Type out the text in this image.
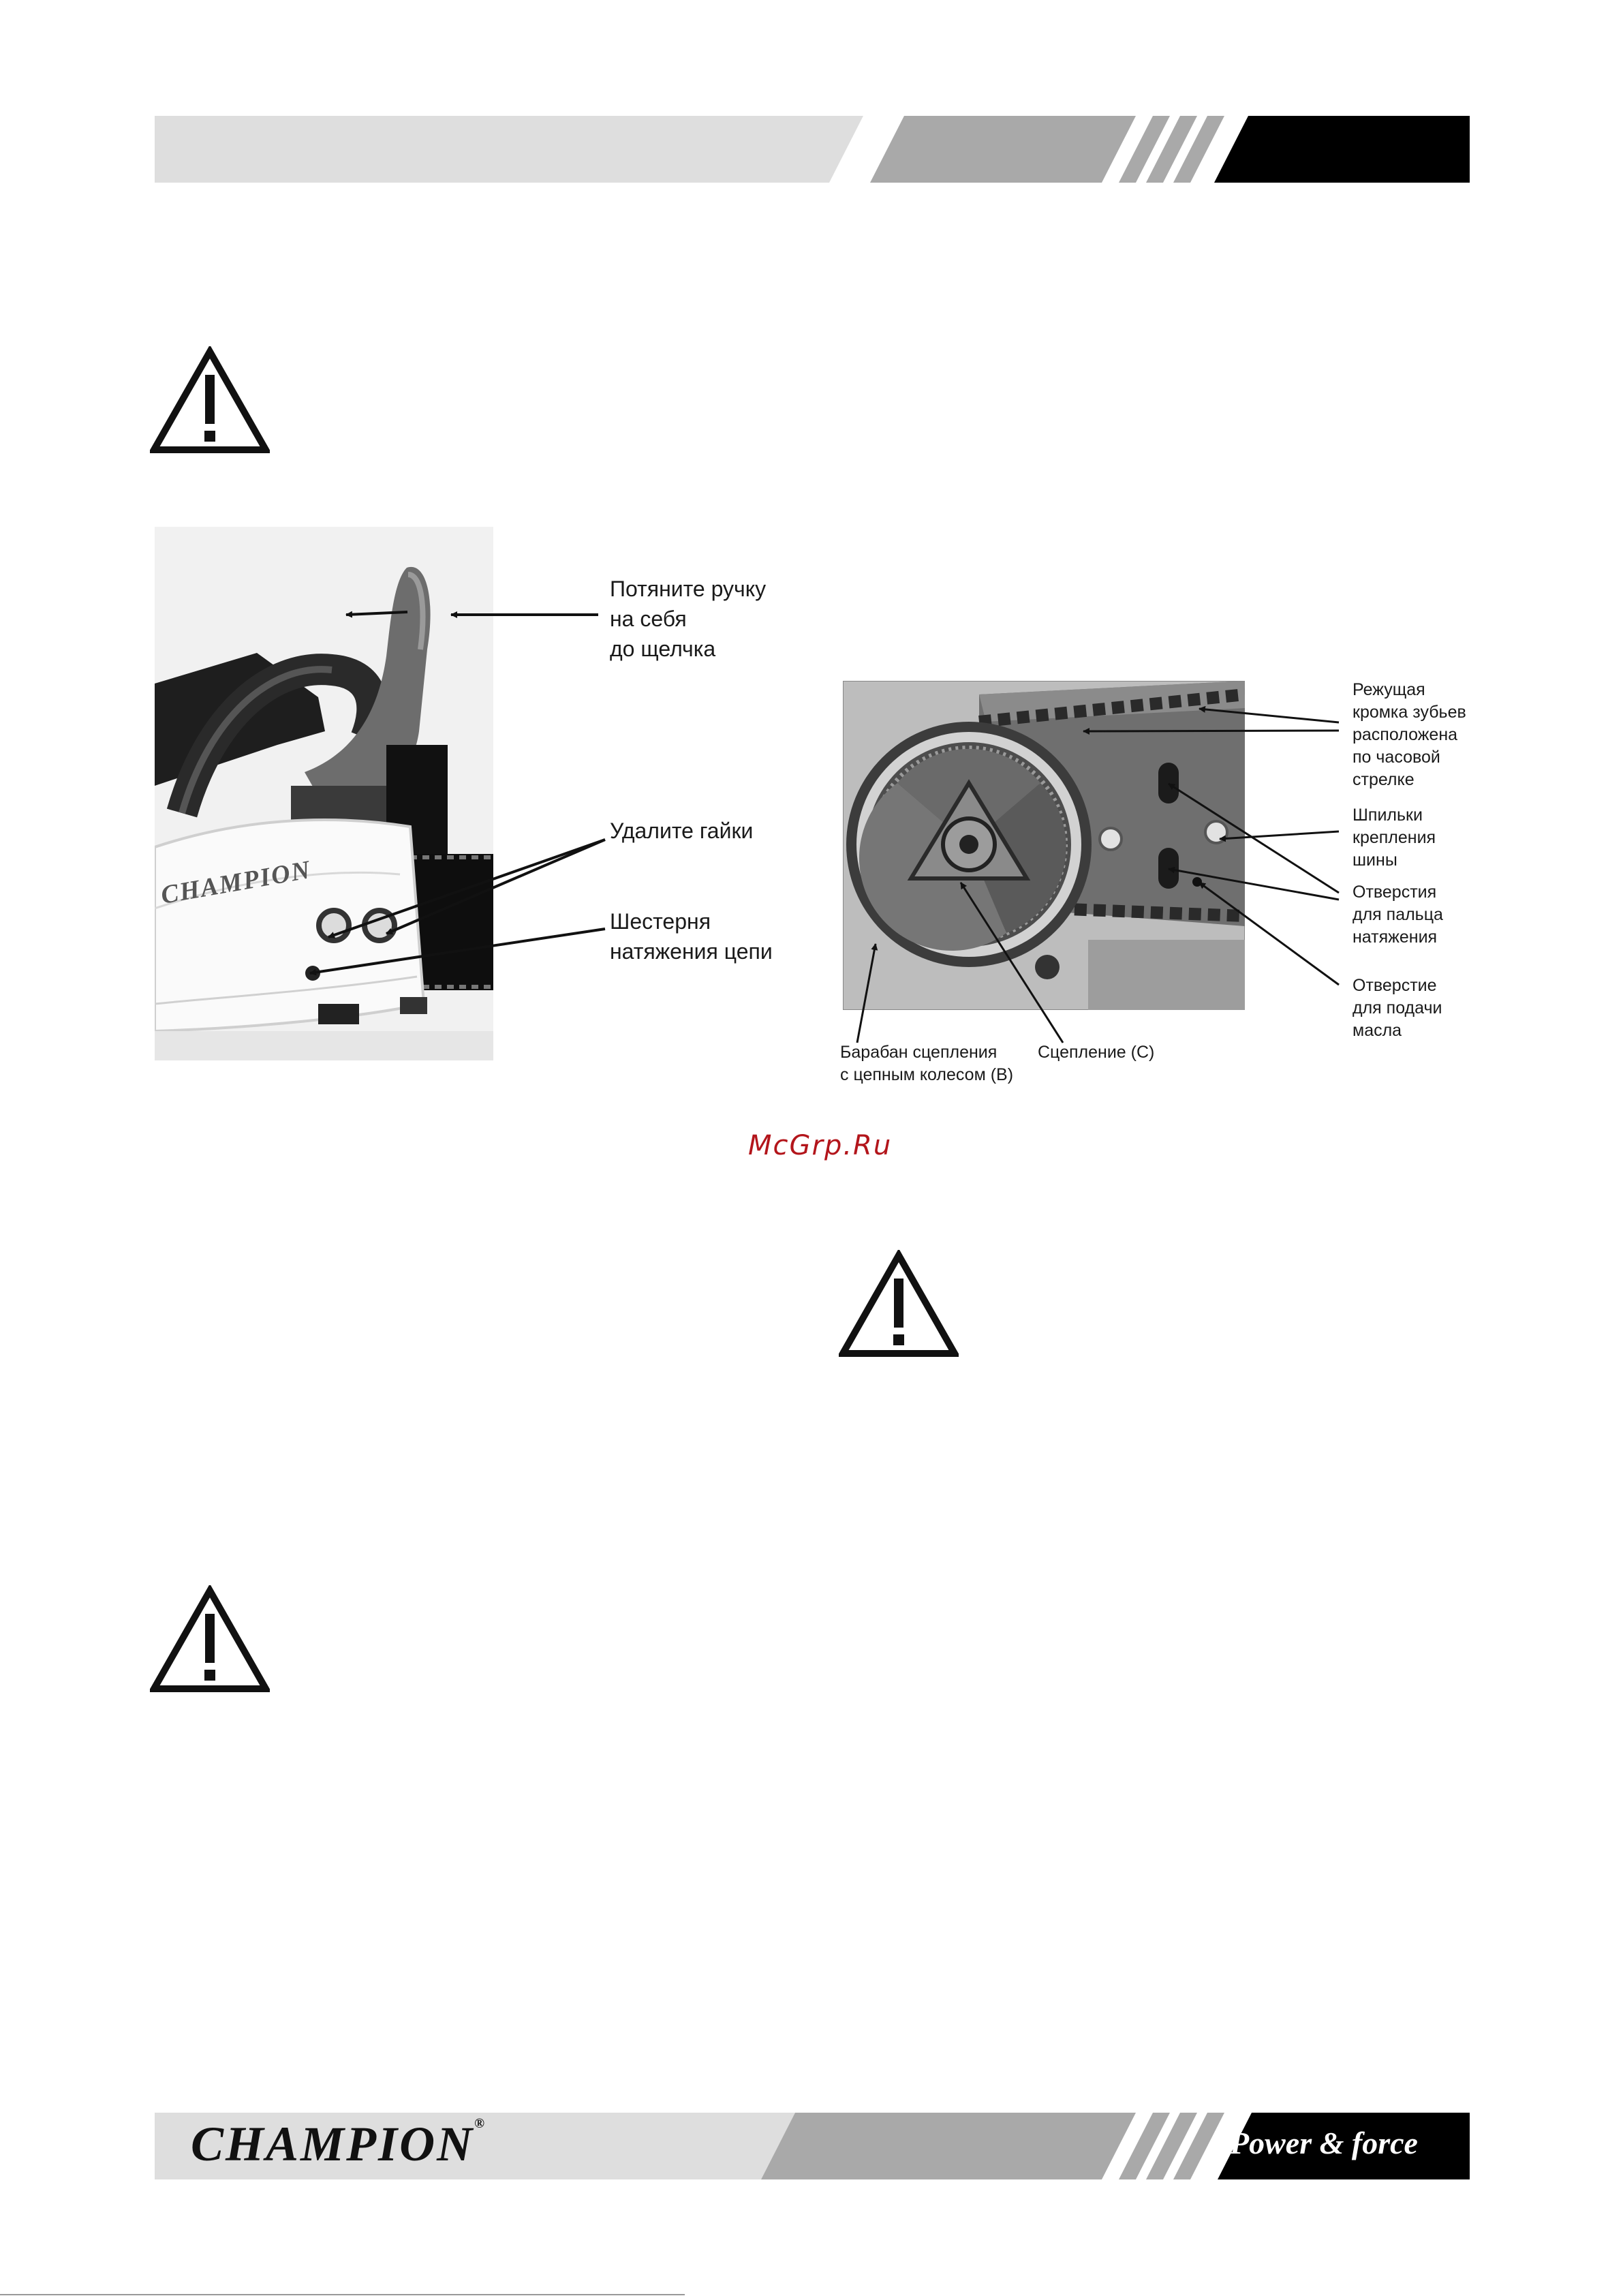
CHAMPION
Потяните ручку
на себя
до щелчка
Удалите гайки
Шестерня
натяжения цепи
Режущая
кромка зубьев
расположена
по часовой
стрелке
Шпильки
крепления
шины
Отверстия
для пальца
натяжения
Отверстие
для подачи
масла
Барабан сцепления
с цепным колесом (В)
Сцепление (С)
McGrp.Ru
CHAMPION®
Power & force
